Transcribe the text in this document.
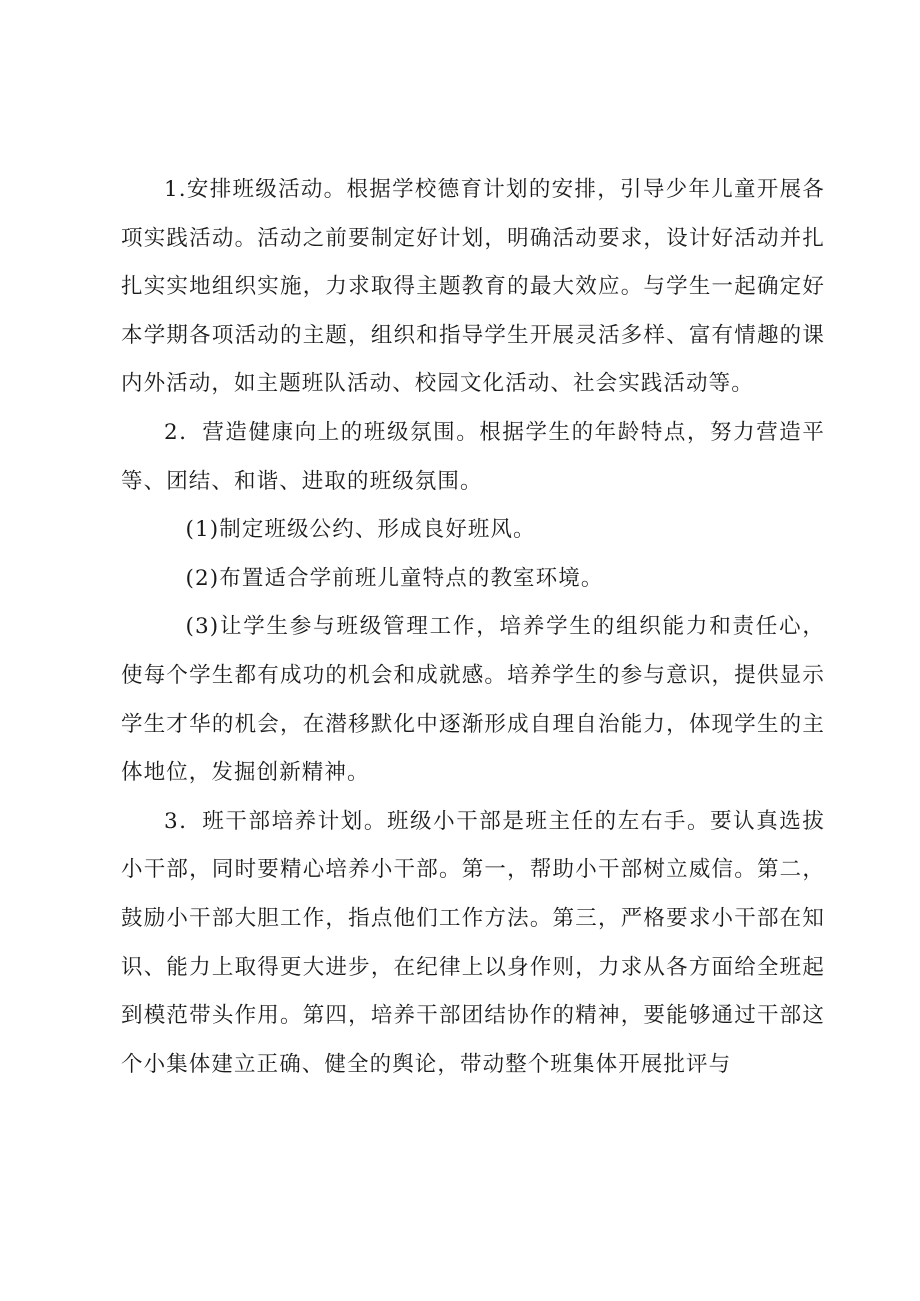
1.安排班级活动。根据学校德育计划的安排，引导少年儿童开展各项实践活动。活动之前要制定好计划，明确活动要求，设计好活动并扎扎实实地组织实施，力求取得主题教育的最大效应。与学生一起确定好本学期各项活动的主题，组织和指导学生开展灵活多样、富有情趣的课内外活动，如主题班队活动、校园文化活动、社会实践活动等。

2．营造健康向上的班级氛围。根据学生的年龄特点，努力营造平等、团结、和谐、进取的班级氛围。

(1)制定班级公约、形成良好班风。

(2)布置适合学前班儿童特点的教室环境。

(3)让学生参与班级管理工作，培养学生的组织能力和责任心，使每个学生都有成功的机会和成就感。培养学生的参与意识，提供显示学生才华的机会，在潜移默化中逐渐形成自理自治能力，体现学生的主体地位，发掘创新精神。

3．班干部培养计划。班级小干部是班主任的左右手。要认真选拔小干部，同时要精心培养小干部。第一，帮助小干部树立威信。第二，鼓励小干部大胆工作，指点他们工作方法。第三，严格要求小干部在知识、能力上取得更大进步，在纪律上以身作则，力求从各方面给全班起到模范带头作用。第四，培养干部团结协作的精神，要能够通过干部这个小集体建立正确、健全的舆论，带动整个班集体开展批评与
